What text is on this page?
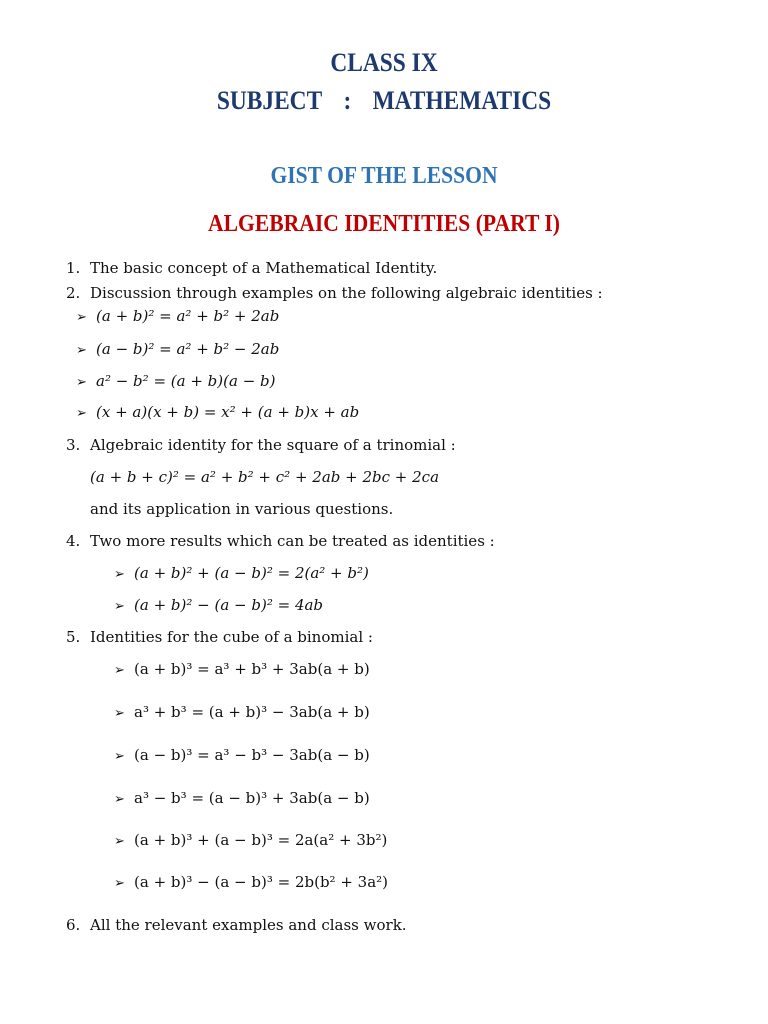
CLASS IX
SUBJECT : MATHEMATICS
GIST OF THE LESSON
ALGEBRAIC IDENTITIES (PART I)
1. The basic concept of a Mathematical Identity.
2. Discussion through examples on the following algebraic identities :
➢ (a + b)² = a² + b² + 2ab
➢ (a − b)² = a² + b² − 2ab
➢ a² − b² = (a + b)(a − b)
➢ (x + a)(x + b) = x² + (a + b)x + ab
3. Algebraic identity for the square of a trinomial :
(a + b + c)² = a² + b² + c² + 2ab + 2bc + 2ca
and its application in various questions.
4. Two more results which can be treated as identities :
➢ (a + b)² + (a − b)² = 2(a² + b²)
➢ (a + b)² − (a − b)² = 4ab
5. Identities for the cube of a binomial :
➢ (a + b)³ = a³ + b³ + 3ab(a + b)
➢ a³ + b³ = (a + b)³ − 3ab(a + b)
➢ (a − b)³ = a³ − b³ − 3ab(a − b)
➢ a³ − b³ = (a − b)³ + 3ab(a − b)
➢ (a + b)³ + (a − b)³ = 2a(a² + 3b²)
➢ (a + b)³ − (a − b)³ = 2b(b² + 3a²)
6. All the relevant examples and class work.
